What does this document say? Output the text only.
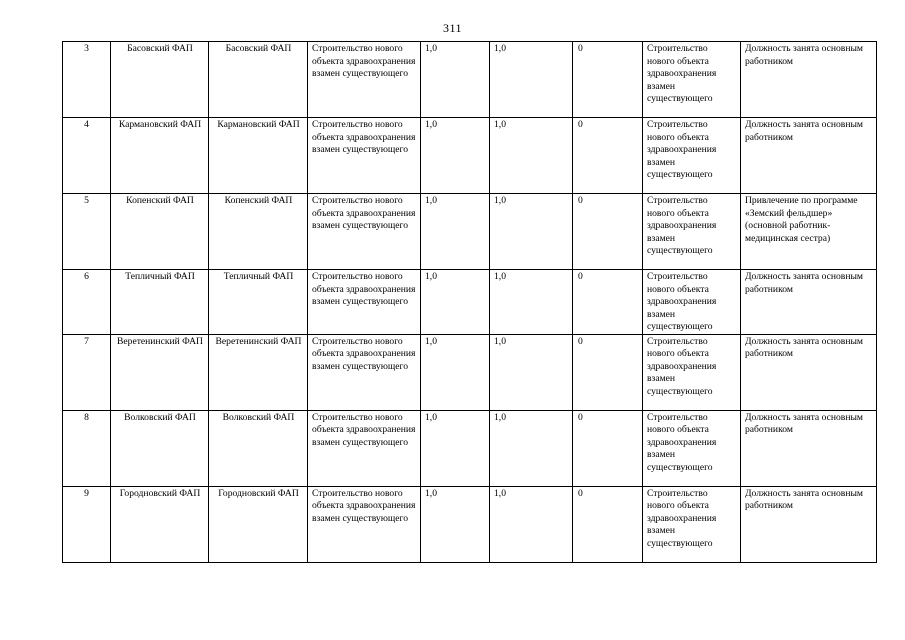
311
3	Басовский ФАП	Басовский ФАП	Строительство нового объекта здравоохранения взамен существующего	1,0	1,0	0	Строительство нового объекта здравоохранения взамен существующего	Должность занята основным работником
4	Кармановский ФАП	Кармановский ФАП	Строительство нового объекта здравоохранения взамен существующего	1,0	1,0	0	Строительство нового объекта здравоохранения взамен существующего	Должность занята основным работником
5	Копенский ФАП	Копенский ФАП	Строительство нового объекта здравоохранения взамен существующего	1,0	1,0	0	Строительство нового объекта здравоохранения взамен существующего	Привлечение по программе «Земский фельдшер» (основной работник- медицинская сестра)
6	Тепличный ФАП	Тепличный ФАП	Строительство нового объекта здравоохранения взамен существующего	1,0	1,0	0	Строительство нового объекта здравоохранения взамен существующего	Должность занята основным работником
7	Веретенинский ФАП	Веретенинский ФАП	Строительство нового объекта здравоохранения взамен существующего	1,0	1,0	0	Строительство нового объекта здравоохранения взамен существующего	Должность занята основным работником
8	Волковский ФАП	Волковский ФАП	Строительство нового объекта здравоохранения взамен существующего	1,0	1,0	0	Строительство нового объекта здравоохранения взамен существующего	Должность занята основным работником
9	Городновский ФАП	Городновский ФАП	Строительство нового объекта здравоохранения взамен существующего	1,0	1,0	0	Строительство нового объекта здравоохранения взамен существующего	Должность занята основным работником
